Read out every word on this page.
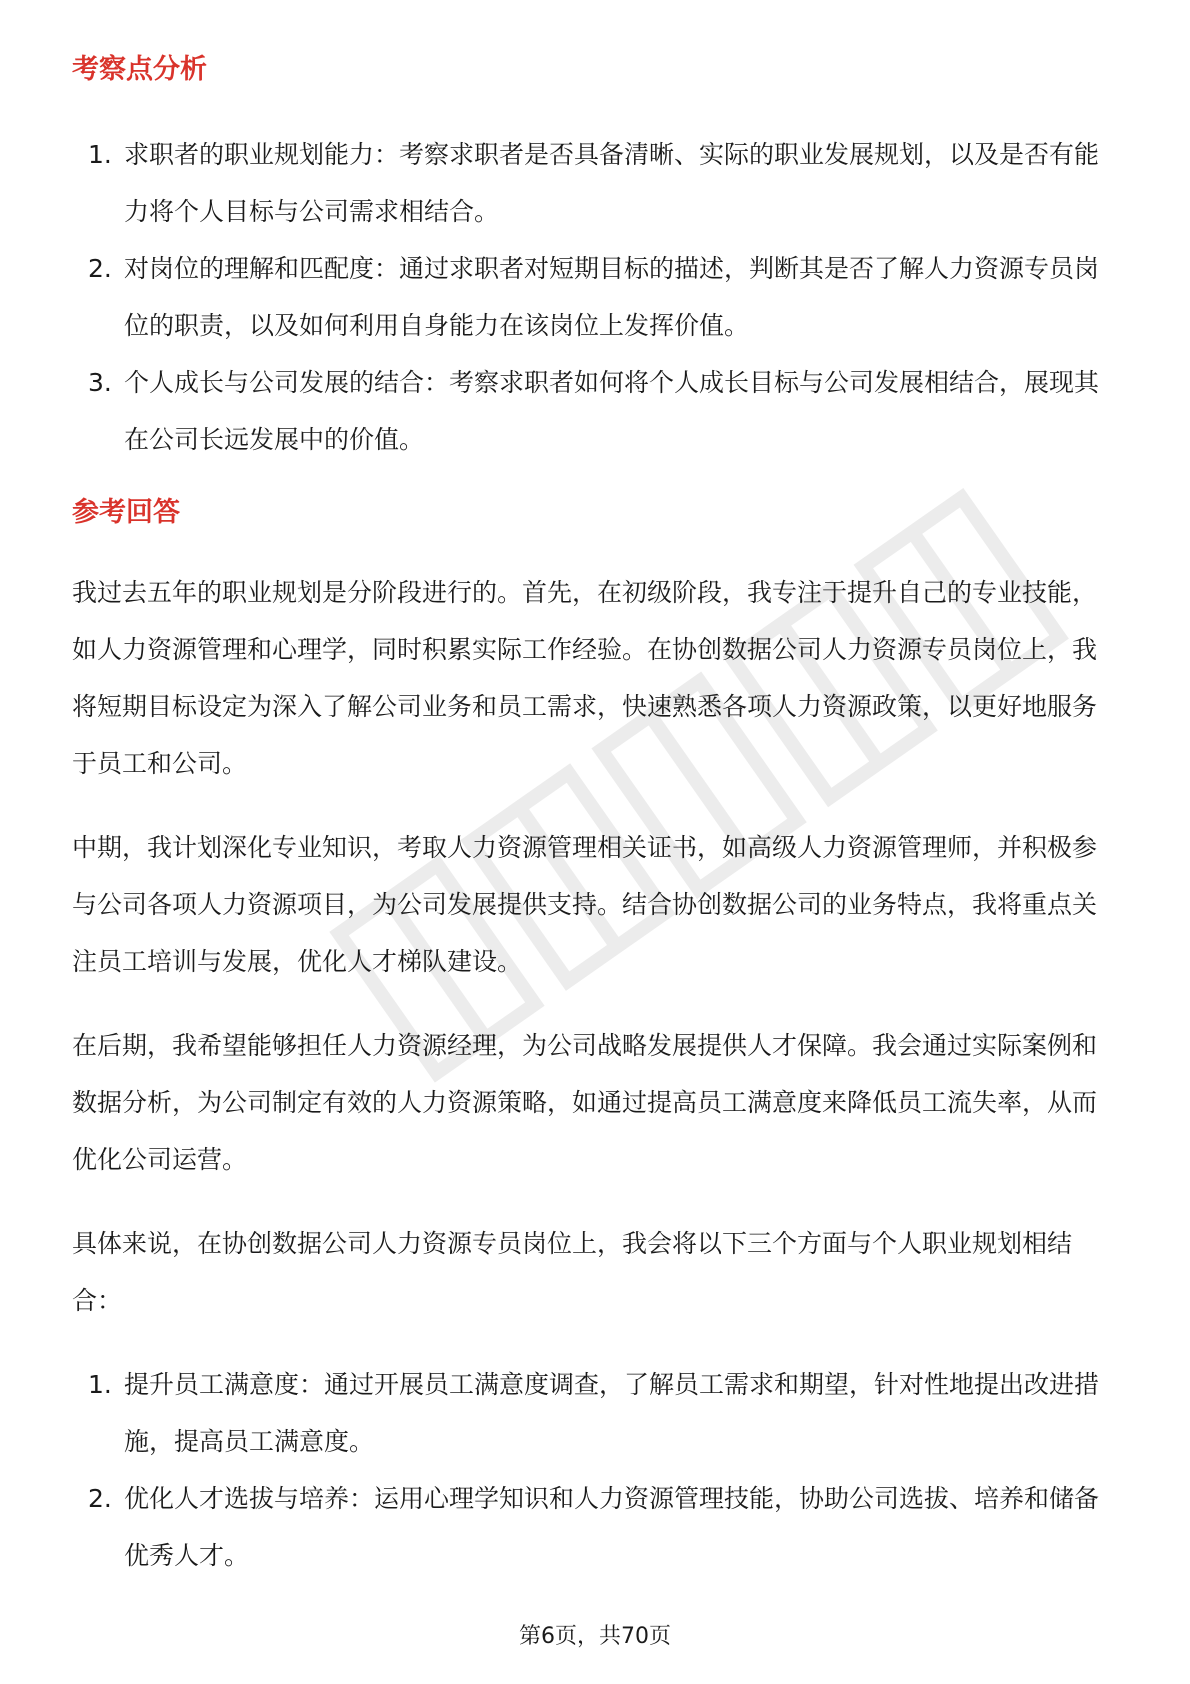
考察点分析
1. 求职者的职业规划能力：考察求职者是否具备清晰、实际的职业发展规划，以及是否有能力将个人目标与公司需求相结合。
2. 对岗位的理解和匹配度：通过求职者对短期目标的描述，判断其是否了解人力资源专员岗位的职责，以及如何利用自身能力在该岗位上发挥价值。
3. 个人成长与公司发展的结合：考察求职者如何将个人成长目标与公司发展相结合，展现其在公司长远发展中的价值。
参考回答

我过去五年的职业规划是分阶段进行的。首先，在初级阶段，我专注于提升自己的专业技能，如人力资源管理和心理学，同时积累实际工作经验。在协创数据公司人力资源专员岗位上，我将短期目标设定为深入了解公司业务和员工需求，快速熟悉各项人力资源政策，以更好地服务于员工和公司。

中期，我计划深化专业知识，考取人力资源管理相关证书，如高级人力资源管理师，并积极参与公司各项人力资源项目，为公司发展提供支持。结合协创数据公司的业务特点，我将重点关注员工培训与发展，优化人才梯队建设。

在后期，我希望能够担任人力资源经理，为公司战略发展提供人才保障。我会通过实际案例和数据分析，为公司制定有效的人力资源策略，如通过提高员工满意度来降低员工流失率，从而优化公司运营。

具体来说，在协创数据公司人力资源专员岗位上，我会将以下三个方面与个人职业规划相结合：

1. 提升员工满意度：通过开展员工满意度调查，了解员工需求和期望，针对性地提出改进措施，提高员工满意度。
2. 优化人才选拔与培养：运用心理学知识和人力资源管理技能，协助公司选拔、培养和储备优秀人才。
第6页，共70页
